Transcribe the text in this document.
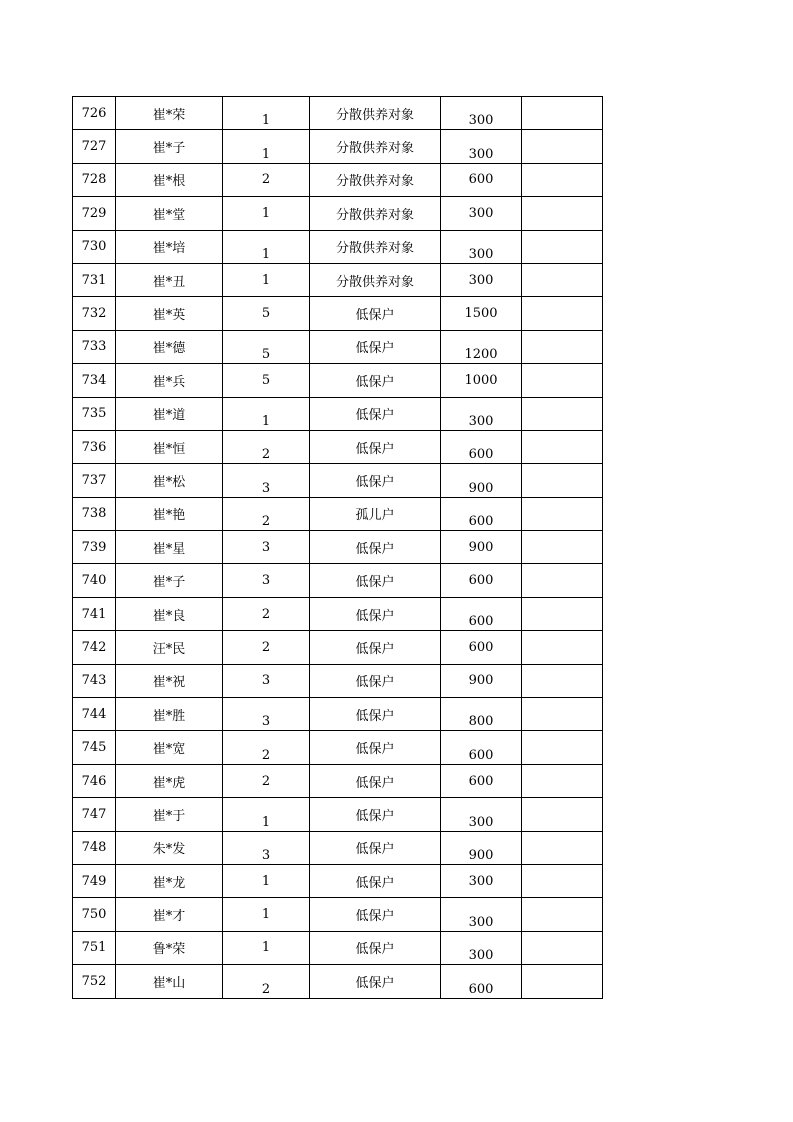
726	崔*荣	1	分散供养对象	300	

727	崔*子	1	分散供养对象	300	

728	崔*根	2	分散供养对象	600	
729	崔*堂	1	分散供养对象	300	
730	崔*培	1	分散供养对象	300	

731	崔*丑	1	分散供养对象	300	
732	崔*英	5	低保户	1500	
733	崔*德	5	低保户	1200	

734	崔*兵	5	低保户	1000	
735	崔*道	1	低保户	300	

736	崔*恒	2	低保户	600	

737	崔*松	3	低保户	900	

738	崔*艳	2	孤儿户	600	

739	崔*星	3	低保户	900	
740	崔*子	3	低保户	600	
741	崔*良	2	低保户	600	

742	汪*民	2	低保户	600	
743	崔*祝	3	低保户	900	
744	崔*胜	3	低保户	800	

745	崔*宽	2	低保户	600	

746	崔*虎	2	低保户	600	
747	崔*于	1	低保户	300	

748	朱*发	3	低保户	900	

749	崔*龙	1	低保户	300	
750	崔*才	1	低保户	300	

751	鲁*荣	1	低保户	300	

752	崔*山	2	低保户	600	
